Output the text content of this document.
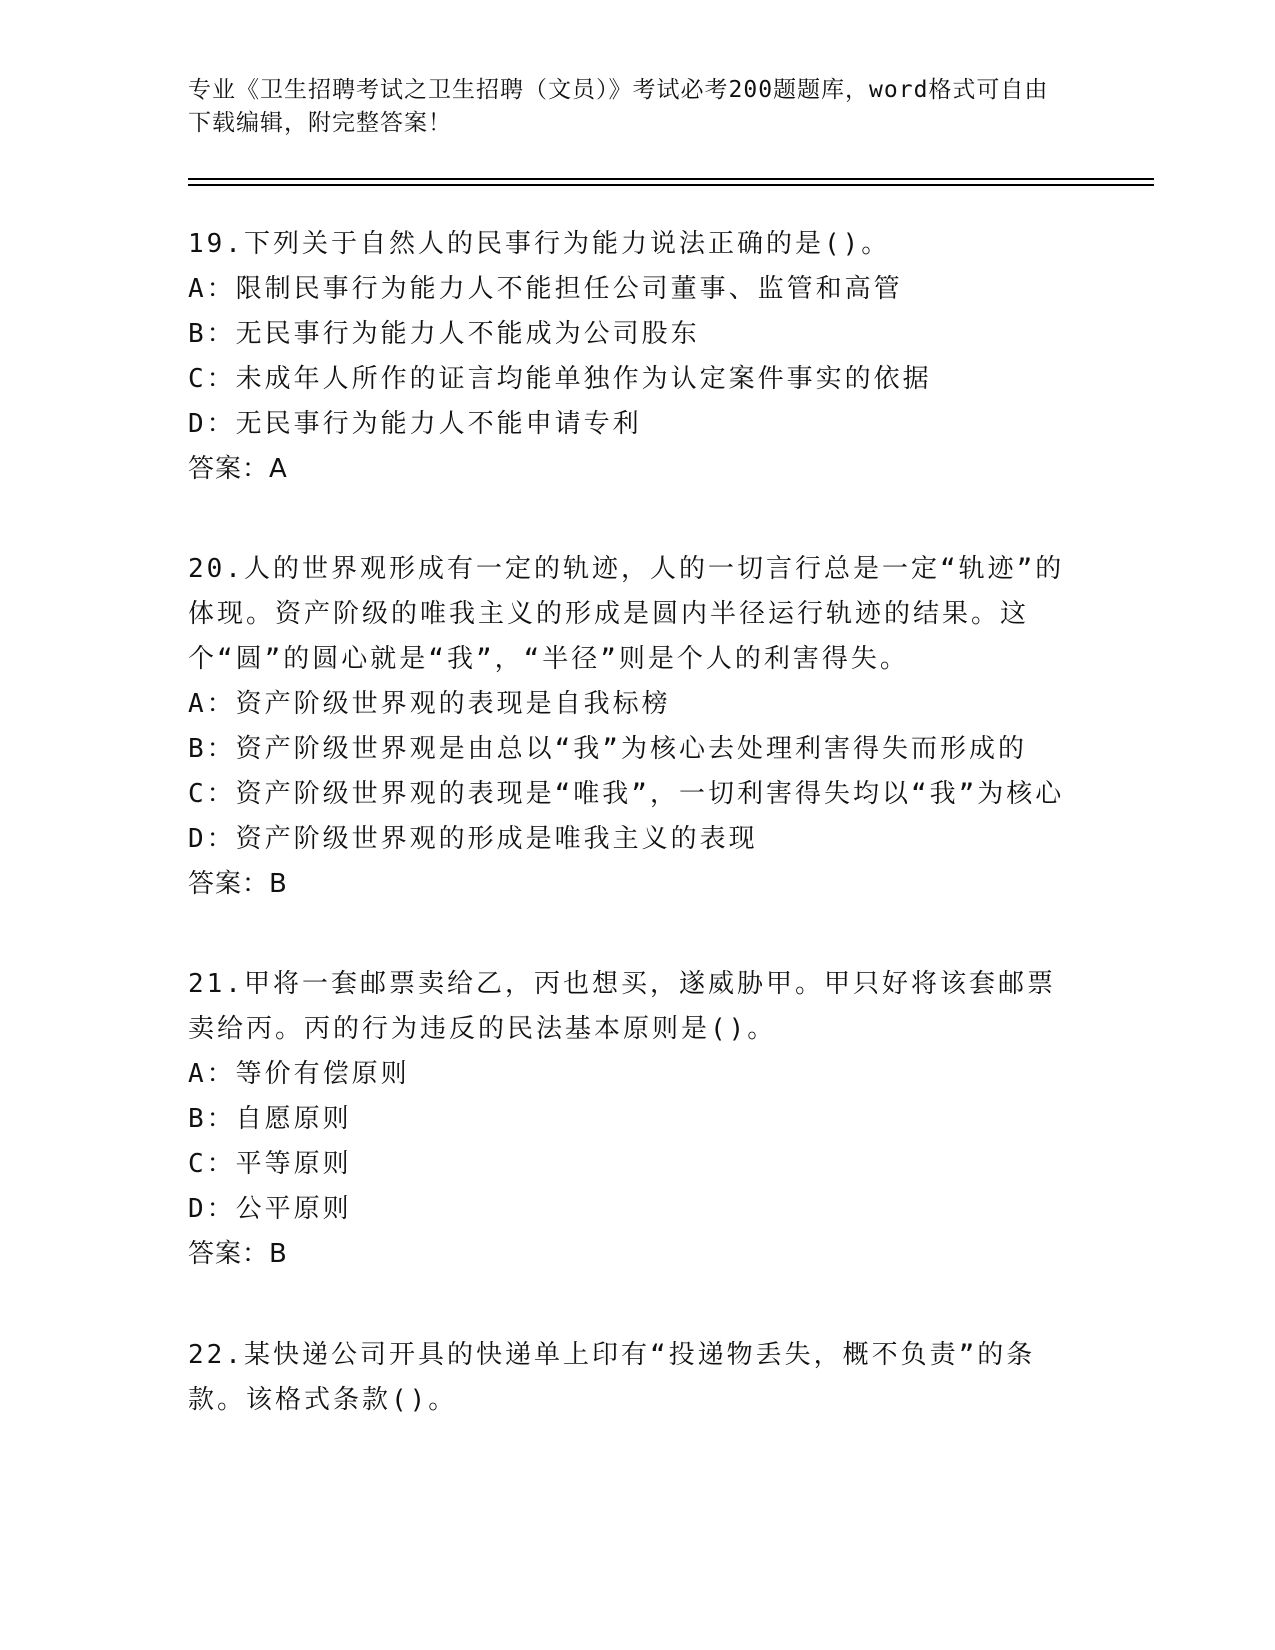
专业《卫生招聘考试之卫生招聘（文员）》考试必考200题题库，word格式可自由下载编辑，附完整答案！
19.下列关于自然人的民事行为能力说法正确的是()。
A：限制民事行为能力人不能担任公司董事、监管和高管
B：无民事行为能力人不能成为公司股东
C：未成年人所作的证言均能单独作为认定案件事实的依据
D：无民事行为能力人不能申请专利
答案：A
20.人的世界观形成有一定的轨迹，人的一切言行总是一定“轨迹”的体现。资产阶级的唯我主义的形成是圆内半径运行轨迹的结果。这个“圆”的圆心就是“我”，“半径”则是个人的利害得失。
A：资产阶级世界观的表现是自我标榜
B：资产阶级世界观是由总以“我”为核心去处理利害得失而形成的
C：资产阶级世界观的表现是“唯我”，一切利害得失均以“我”为核心
D：资产阶级世界观的形成是唯我主义的表现
答案：B
21.甲将一套邮票卖给乙，丙也想买，遂威胁甲。甲只好将该套邮票卖给丙。丙的行为违反的民法基本原则是()。
A：等价有偿原则
B：自愿原则
C：平等原则
D：公平原则
答案：B
22.某快递公司开具的快递单上印有“投递物丢失，概不负责”的条款。该格式条款()。
